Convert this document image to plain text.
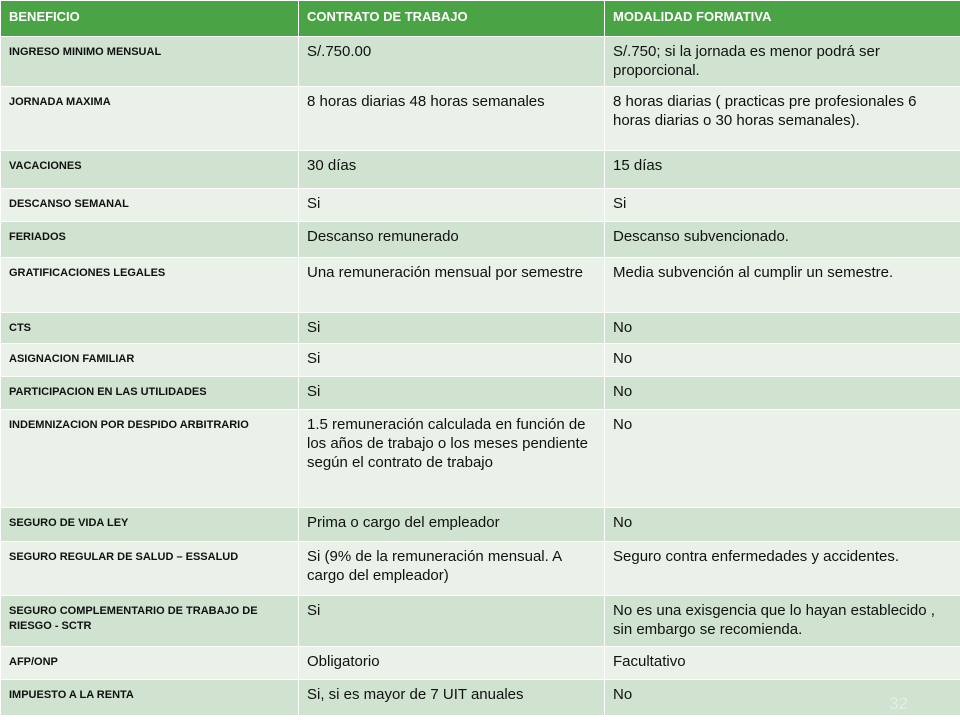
BENEFICIO	CONTRATO DE TRABAJO	MODALIDAD FORMATIVA
INGRESO MINIMO MENSUAL	S/.750.00	S/.750; si la jornada es menor podrá ser proporcional.
JORNADA MAXIMA	8 horas diarias 48 horas semanales	8 horas diarias ( practicas pre profesionales 6 horas diarias o 30 horas semanales).
VACACIONES	30 días	15 días
DESCANSO SEMANAL	Si	Si
FERIADOS	Descanso remunerado	Descanso subvencionado.
GRATIFICACIONES LEGALES	Una remuneración mensual por semestre	Media subvención al cumplir un semestre.
CTS	Si	No
ASIGNACION FAMILIAR	Si	No
PARTICIPACION EN LAS UTILIDADES	Si	No
INDEMNIZACION POR DESPIDO ARBITRARIO	1.5 remuneración calculada en función de los años de trabajo o los meses pendiente según el contrato de trabajo	No
SEGURO DE VIDA LEY	Prima o cargo del empleador	No
SEGURO REGULAR DE SALUD – ESSALUD	Si (9% de la remuneración mensual. A cargo del empleador)	Seguro contra enfermedades y accidentes.
SEGURO COMPLEMENTARIO DE TRABAJO DE RIESGO - SCTR	Si	No es una exisgencia que lo hayan establecido , sin embargo se recomienda.
AFP/ONP	Obligatorio	Facultativo
IMPUESTO A LA RENTA	Si, si es mayor de 7 UIT anuales	No	32
